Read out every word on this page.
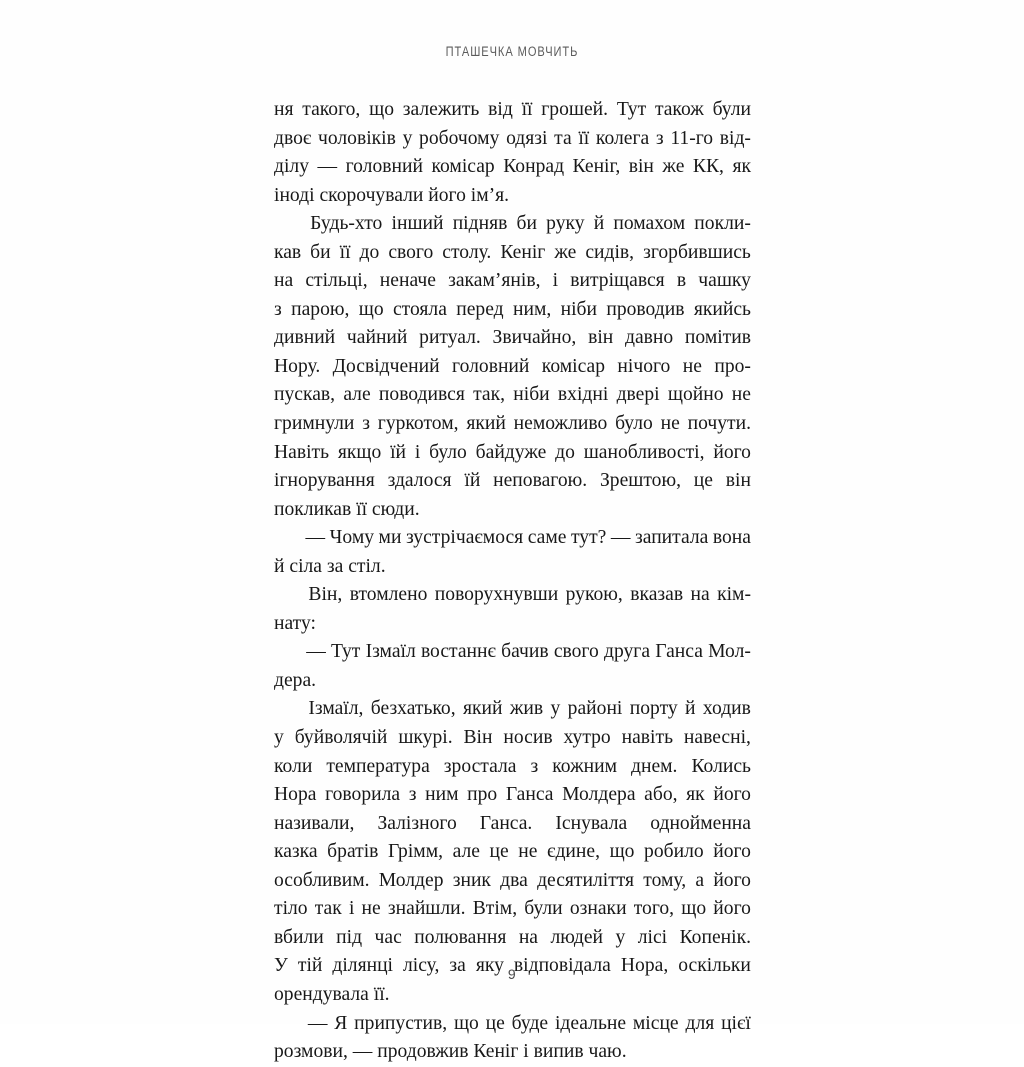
ПТАШЕЧКА МОВЧИТЬ

ня такого, що залежить від її грошей. Тут також були
двоє чоловіків у робочому одязі та її колега з 11-го від-
ділу — головний комісар Конрад Кеніг, він же КК, як
іноді скорочували його ім’я.

Будь-хто інший підняв би руку й помахом покли-
кав би її до свого столу. Кеніг же сидів, згорбившись
на стільці, неначе закам’янів, і витріщався в чашку
з парою, що стояла перед ним, ніби проводив якийсь
дивний чайний ритуал. Звичайно, він давно помітив
Нору. Досвідчений головний комісар нічого не про-
пускав, але поводився так, ніби вхідні двері щойно не
гримнули з гуркотом, який неможливо було не почути.
Навіть якщо їй і було байдуже до шанобливості, його
ігнорування здалося їй неповагою. Зрештою, це він
покликав її сюди.

— Чому ми зустрічаємося саме тут? — запитала вона
й сіла за стіл.

Він, втомлено поворухнувши рукою, вказав на кім-
нату:

— Тут Ізмаїл востаннє бачив свого друга Ганса Мол-
дера.

Ізмаїл, безхатько, який жив у районі порту й ходив
у буйволячій шкурі. Він носив хутро навіть навесні,
коли температура зростала з кожним днем. Колись
Нора говорила з ним про Ганса Молдера або, як його
називали, Залізного Ганса. Існувала однойменна
казка братів Грімм, але це не єдине, що робило його
особливим. Молдер зник два десятиліття тому, а його
тіло так і не знайшли. Втім, були ознаки того, що його
вбили під час полювання на людей у лісі Копенік.
У тій ділянці лісу, за яку відповідала Нора, оскільки
орендувала її.

— Я припустив, що це буде ідеальне місце для цієї
розмови, — продовжив Кеніг і випив чаю.

9
